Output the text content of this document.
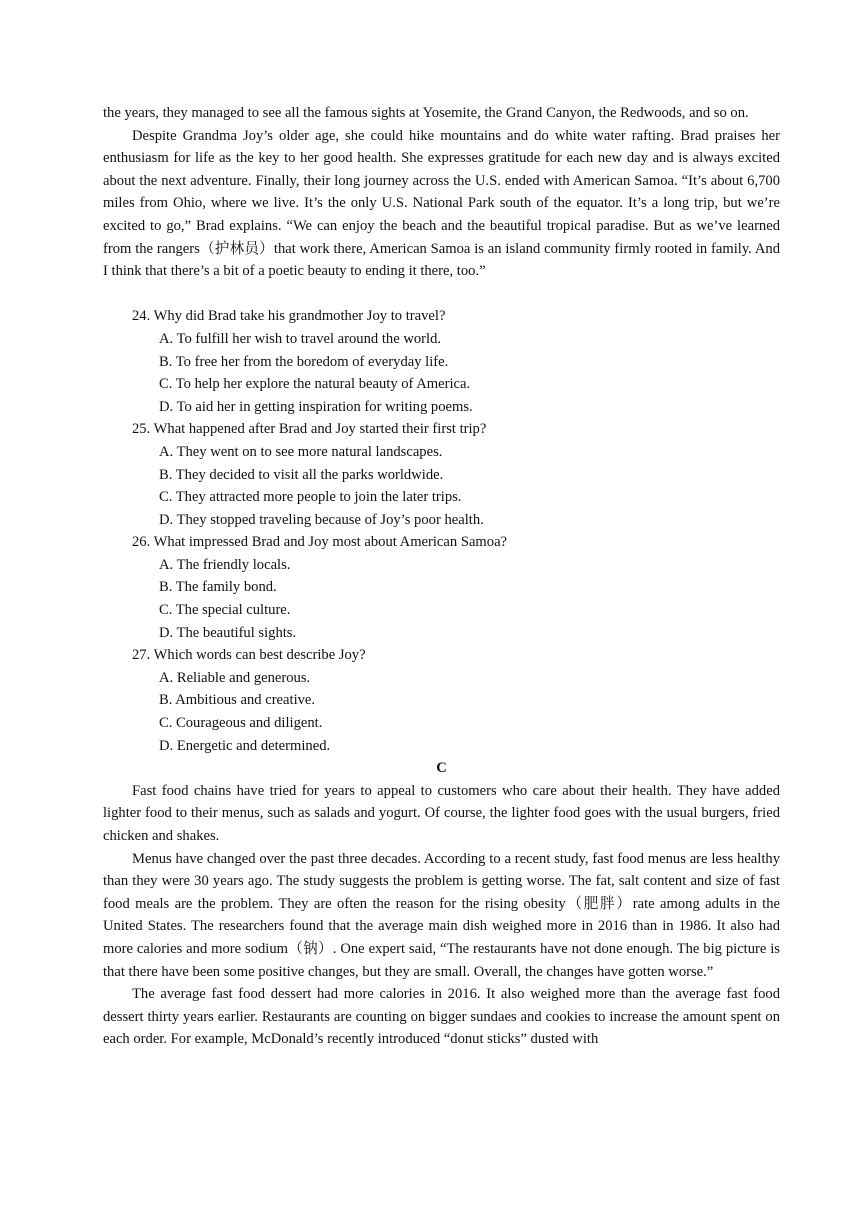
the years, they managed to see all the famous sights at Yosemite, the Grand Canyon, the Redwoods, and so on.

Despite Grandma Joy’s older age, she could hike mountains and do white water rafting. Brad praises her enthusiasm for life as the key to her good health. She expresses gratitude for each new day and is always excited about the next adventure. Finally, their long journey across the U.S. ended with American Samoa. “It’s about 6,700 miles from Ohio, where we live. It’s the only U.S. National Park south of the equator. It’s a long trip, but we’re excited to go,” Brad explains. “We can enjoy the beach and the beautiful tropical paradise. But as we’ve learned from the rangers（护林员）that work there, American Samoa is an island community firmly rooted in family. And I think that there’s a bit of a poetic beauty to ending it there, too.”

24. Why did Brad take his grandmother Joy to travel?

A. To fulfill her wish to travel around the world.

B. To free her from the boredom of everyday life.

C. To help her explore the natural beauty of America.

D. To aid her in getting inspiration for writing poems.

25. What happened after Brad and Joy started their first trip?

A. They went on to see more natural landscapes.

B. They decided to visit all the parks worldwide.

C. They attracted more people to join the later trips.

D. They stopped traveling because of Joy’s poor health.

26. What impressed Brad and Joy most about American Samoa?

A. The friendly locals.

B. The family bond.

C. The special culture.

D. The beautiful sights.

27. Which words can best describe Joy?

A. Reliable and generous.

B. Ambitious and creative.

C. Courageous and diligent.

D. Energetic and determined.

C

Fast food chains have tried for years to appeal to customers who care about their health. They have added lighter food to their menus, such as salads and yogurt. Of course, the lighter food goes with the usual burgers, fried chicken and shakes.

Menus have changed over the past three decades. According to a recent study, fast food menus are less healthy than they were 30 years ago. The study suggests the problem is getting worse. The fat, salt content and size of fast food meals are the problem. They are often the reason for the rising obesity（肥胖）rate among adults in the United States. The researchers found that the average main dish weighed more in 2016 than in 1986. It also had more calories and more sodium（钠）. One expert said, “The restaurants have not done enough. The big picture is that there have been some positive changes, but they are small. Overall, the changes have gotten worse.”

The average fast food dessert had more calories in 2016. It also weighed more than the average fast food dessert thirty years earlier. Restaurants are counting on bigger sundaes and cookies to increase the amount spent on each order. For example, McDonald’s recently introduced “donut sticks” dusted with
